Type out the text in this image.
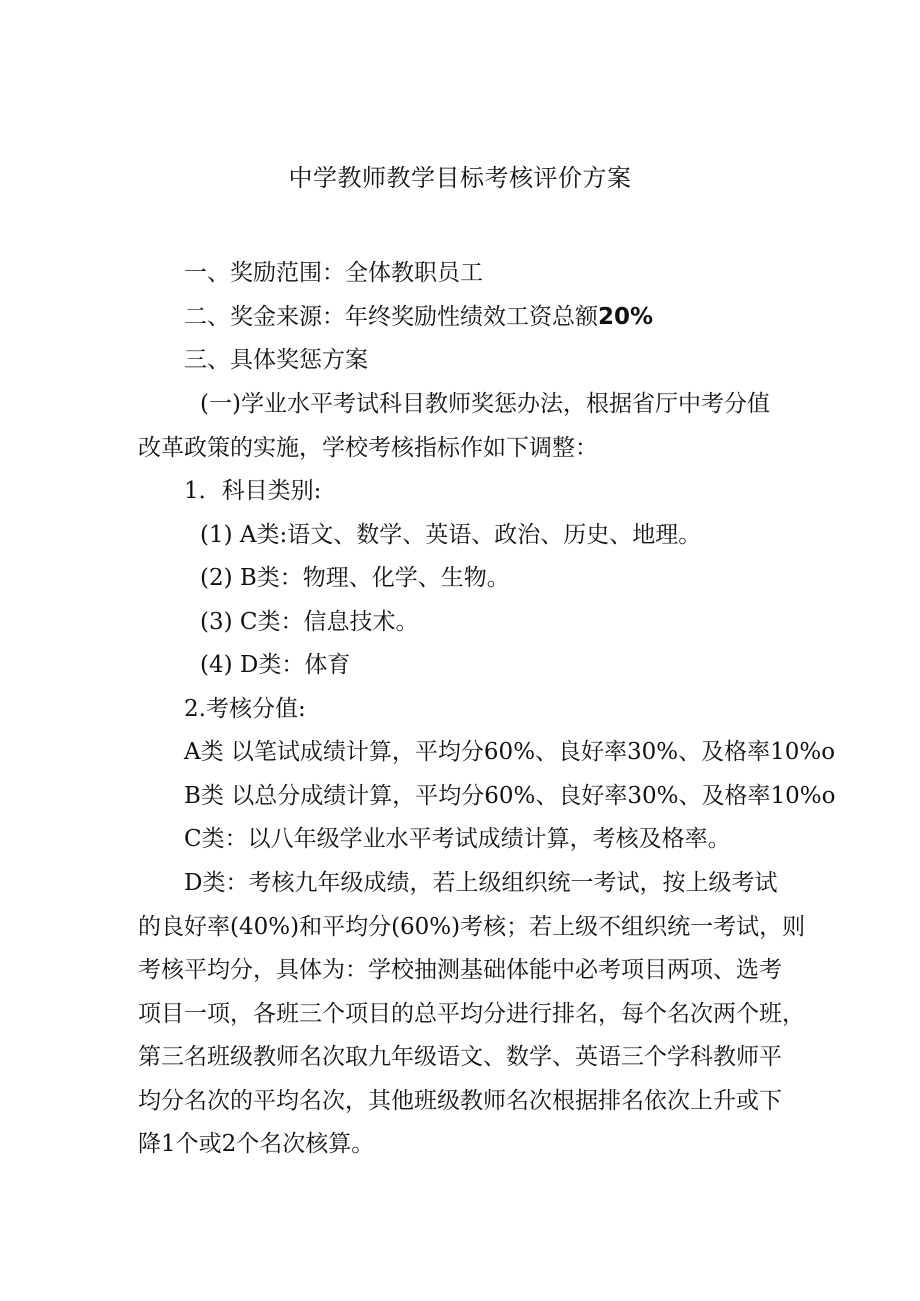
中学教师教学目标考核评价方案
一、奖励范围：全体教职员工
二、奖金来源：年终奖励性绩效工资总额20%
三、具体奖惩方案
(一)学业水平考试科目教师奖惩办法，根据省厅中考分值
改革政策的实施，学校考核指标作如下调整：
1．科目类别:
(1) A类:语文、数学、英语、政治、历史、地理。
(2) B类：物理、化学、生物。
(3) C类：信息技术。
(4) D类：体育
2.考核分值:
A类 以笔试成绩计算，平均分60%、良好率30%、及格率10%o
B类 以总分成绩计算，平均分60%、良好率30%、及格率10%o
C类：以八年级学业水平考试成绩计算，考核及格率。
D类：考核九年级成绩，若上级组织统一考试，按上级考试
的良好率(40%)和平均分(60%)考核；若上级不组织统一考试，则
考核平均分，具体为：学校抽测基础体能中必考项目两项、选考
项目一项，各班三个项目的总平均分进行排名，每个名次两个班，
第三名班级教师名次取九年级语文、数学、英语三个学科教师平
均分名次的平均名次，其他班级教师名次根据排名依次上升或下
降1个或2个名次核算。
